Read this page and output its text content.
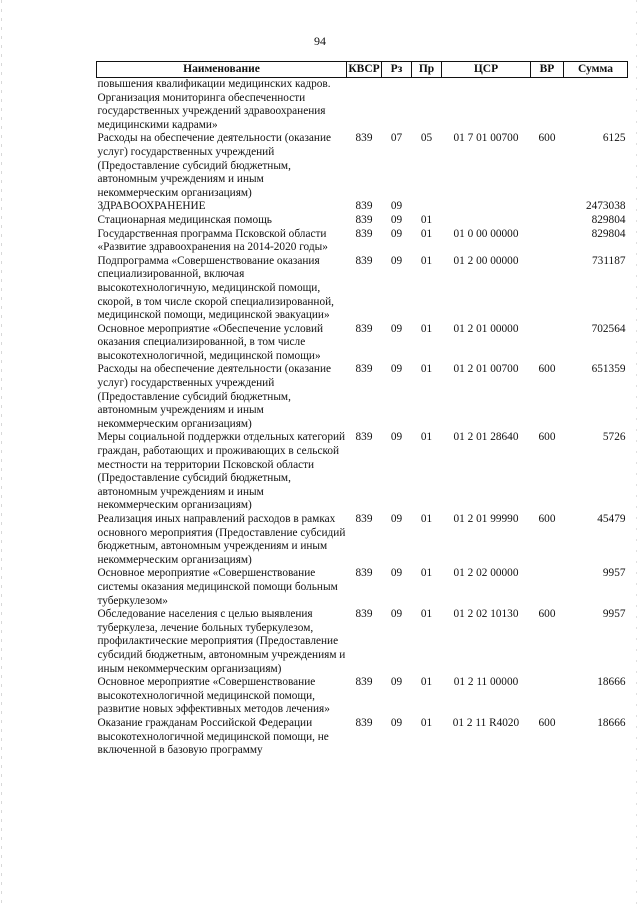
94
Наименование	КВСР	Рз	Пр	ЦСР	ВР	Сумма
повышения квалификации медицинских кадров. Организация мониторинга обеспеченности государственных учреждений здравоохранения медицинскими кадрами»						
Расходы на обеспечение деятельности (оказание услуг) государственных учреждений (Предоставление субсидий бюджетным, автономным учреждениям и иным некоммерческим организациям)	839	07	05	01 7 01 00700	600	6125
ЗДРАВООХРАНЕНИЕ	839	09				2473038
Стационарная медицинская помощь	839	09	01			829804
Государственная программа Псковской области «Развитие здравоохранения на 2014-2020 годы»	839	09	01	01 0 00 00000		829804
Подпрограмма «Совершенствование оказания специализированной, включая высокотехнологичную, медицинской помощи, скорой, в том числе скорой специализированной, медицинской помощи, медицинской эвакуации»	839	09	01	01 2 00 00000		731187
Основное мероприятие «Обеспечение условий оказания специализированной, в том числе высокотехнологичной, медицинской помощи»	839	09	01	01 2 01 00000		702564
Расходы на обеспечение деятельности (оказание услуг) государственных учреждений (Предоставление субсидий бюджетным, автономным учреждениям и иным некоммерческим организациям)	839	09	01	01 2 01 00700	600	651359
Меры социальной поддержки отдельных категорий граждан, работающих и проживающих в сельской местности на территории Псковской области (Предоставление субсидий бюджетным, автономным учреждениям и иным некоммерческим организациям)	839	09	01	01 2 01 28640	600	5726
Реализация иных направлений расходов в рамках основного мероприятия (Предоставление субсидий бюджетным, автономным учреждениям и иным некоммерческим организациям)	839	09	01	01 2 01 99990	600	45479
Основное мероприятие «Совершенствование системы оказания медицинской помощи больным туберкулезом»	839	09	01	01 2 02 00000		9957
Обследование населения с целью выявления туберкулеза, лечение больных туберкулезом, профилактические мероприятия (Предоставление субсидий бюджетным, автономным учреждениям и иным некоммерческим организациям)	839	09	01	01 2 02 10130	600	9957
Основное мероприятие «Совершенствование высокотехнологичной медицинской помощи, развитие новых эффективных методов лечения»	839	09	01	01 2 11 00000		18666
Оказание гражданам Российской Федерации высокотехнологичной медицинской помощи, не включенной в базовую программу	839	09	01	01 2 11 R4020	600	18666
